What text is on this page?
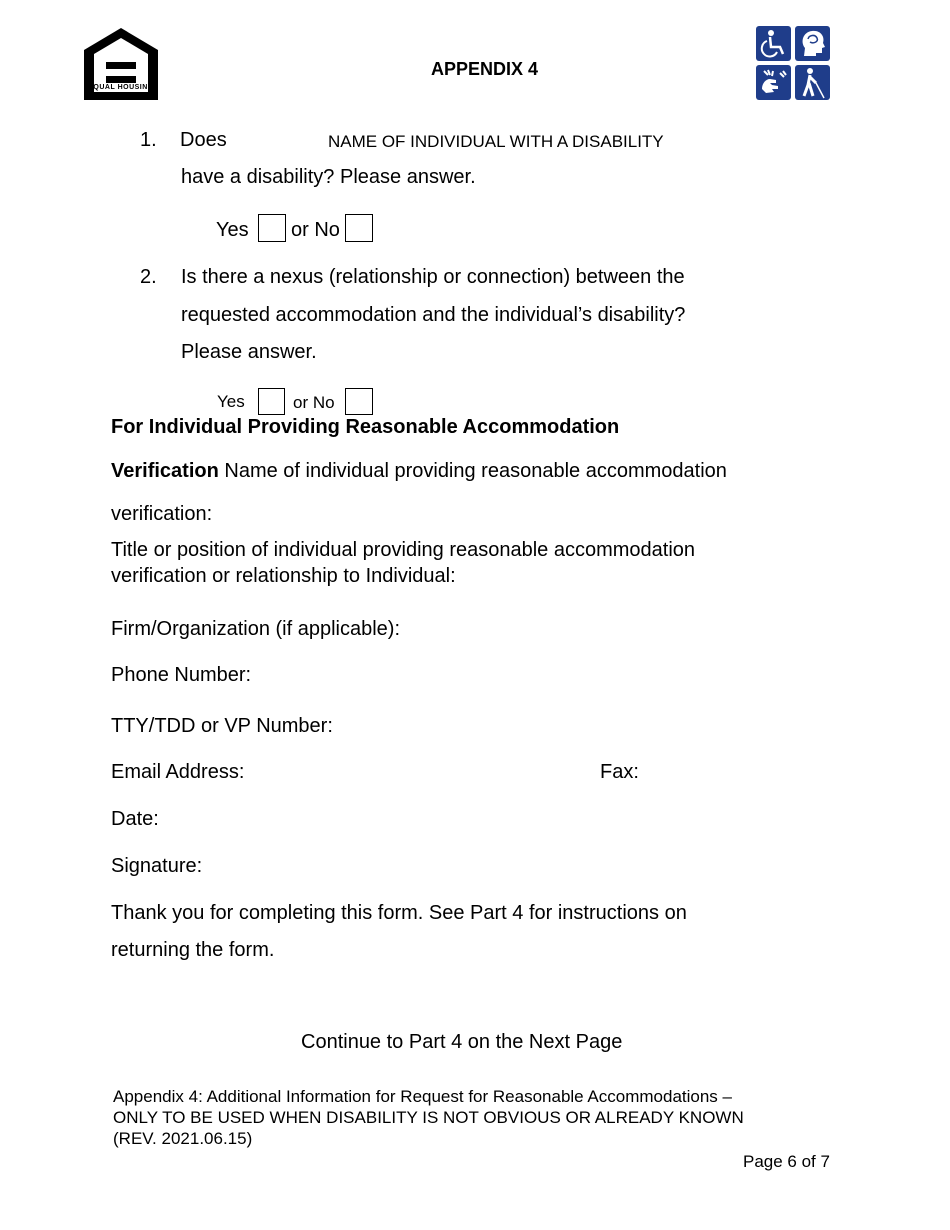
EQUAL HOUSING
OPPORTUNITY
APPENDIX 4
1. Does	NAME OF INDIVIDUAL WITH A DISABILITY
have a disability? Please answer.
Yes or No
2. Is there a nexus (relationship or connection) between the
requested accommodation and the individual’s disability?
Please answer.
Yes	or No
For Individual Providing Reasonable Accommodation
Verification Name of individual providing reasonable accommodation
verification:
Title or position of individual providing reasonable accommodation
verification or relationship to Individual:
Firm/Organization (if applicable):
Phone Number:
TTY/TDD or VP Number:
Email Address:	Fax:
Date:
Signature:
Thank you for completing this form. See Part 4 for instructions on
returning the form.
Continue to Part 4 on the Next Page
Appendix 4: Additional Information for Request for Reasonable Accommodations –
ONLY TO BE USED WHEN DISABILITY IS NOT OBVIOUS OR ALREADY KNOWN
(REV. 2021.06.15)
Page 6 of 7
